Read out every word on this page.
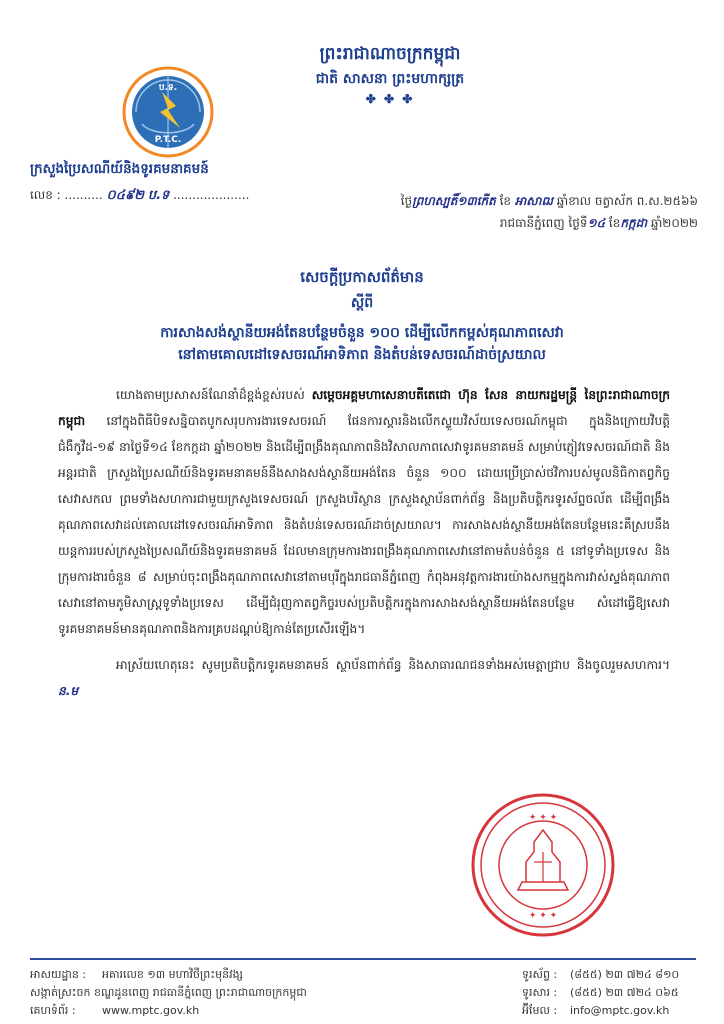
ប.ទ.
P.T.C.
ព្រះរាជាណាចក្រកម្ពុជា
ជាតិ សាសនា ព្រះមហាក្សត្រ
✤ ✤ ✤
ក្រសួងប្រៃសណីយ៍និងទូរគមនាគមន៍
លេខ : .......... ០៤៩២ ប.ទ ....................	ថ្ងៃព្រហស្បតិ៍១៣កើត ខែ អាសាឍ ឆ្នាំខាល ចត្វាស័ក ព.ស.២៥៦៦
រាជធានីភ្នំពេញ ថ្ងៃទី១៤ ខែកក្កដា ឆ្នាំ២០២២
សេចក្តីប្រកាសព័ត៌មាន
ស្តីពី
ការសាងសង់ស្ថានីយអង់តែនបន្ថែមចំនួន ១០០ ដើម្បីលើកកម្ពស់គុណភាពសេវា
នៅតាមគោលដៅទេសចរណ៍អាទិភាព និងតំបន់ទេសចរណ៍ដាច់ស្រយាល

យោងតាមប្រសាសន៍ណែនាំដ៏ខ្ពង់ខ្ពស់របស់ សម្តេចអគ្គមហាសេនាបតីតេជោ ហ៊ុន សែន នាយករដ្ឋមន្ត្រី នៃព្រះរាជាណាចក្រកម្ពុជា នៅក្នុងពិធីបិទសន្និបាតបូកសរុបការងារទេសចរណ៍ ផែនការស្តារនិងលើកស្ទួយវិស័យទេសចរណ៍កម្ពុជា ក្នុងនិងក្រោយវិបត្តិជំងឺកូវីដ-១៩ នាថ្ងៃទី១៤ ខែកក្កដា ឆ្នាំ២០២២ និងដើម្បីពង្រឹងគុណភាពនិងវិសាលភាពសេវាទូរគមនាគមន៍ សម្រាប់ភ្ញៀវទេសចរណ៍ជាតិ និងអន្តរជាតិ ក្រសួងប្រៃសណីយ៍និងទូរគមនាគមន៍នឹងសាងសង់ស្ថានីយអង់តែន ចំនួន ១០០ ដោយប្រើប្រាស់ថវិការបស់មូលនិធិកាតព្វកិច្ចសេវាសកល ព្រមទាំងសហការជាមួយក្រសួងទេសចរណ៍ ក្រសួងបរិស្ថាន ក្រសួងស្ថាប័នពាក់ព័ន្ធ និងប្រតិបត្តិករទូរស័ព្ទចល័ត ដើម្បីពង្រឹងគុណភាពសេវាដល់គោលដៅទេសចរណ៍អាទិភាព និងតំបន់ទេសចរណ៍ដាច់ស្រយាល។ ការសាងសង់ស្ថានីយអង់តែនបន្ថែមនេះគឺស្របនឹងយន្តការរបស់ក្រសួងប្រៃសណីយ៍និងទូរគមនាគមន៍ ដែលមានក្រុមការងារពង្រឹងគុណភាពសេវានៅតាមតំបន់ចំនួន ៥ នៅទូទាំងប្រទេស និងក្រុមការងារចំនួន ៨ សម្រាប់ចុះពង្រឹងគុណភាពសេវានៅតាមបុរីក្នុងរាជធានីភ្នំពេញ កំពុងអនុវត្តការងារយ៉ាងសកម្មក្នុងការវាស់ស្ទង់គុណភាពសេវានៅតាមភូមិសាស្ត្រទូទាំងប្រទេស ដើម្បីជំរុញកាតព្វកិច្ចរបស់ប្រតិបត្តិករក្នុងការសាងសង់ស្ថានីយអង់តែនបន្ថែម សំដៅធ្វើឱ្យសេវាទូរគមនាគមន៍មានគុណភាពនិងការគ្របដណ្តប់ឱ្យកាន់តែប្រសើរឡើង។

អាស្រ័យហេតុនេះ សូមប្រតិបត្តិករទូរគមនាគមន៍ ស្ថាប័នពាក់ព័ន្ធ និងសាធារណជនទាំងអស់មេត្តាជ្រាប និងចូលរួមសហការ។ ន.ម

✦ ✦ ✦
✦ ✦ ✦
អាសយដ្ឋាន :	អគារលេខ ១៣ មហាវិថីព្រះមុនីវង្ស
សង្កាត់ស្រះចក ខណ្ឌដូនពេញ រាជធានីភ្នំពេញ ព្រះរាជាណាចក្រកម្ពុជា
គេហទំព័រ :	www.mptc.gov.kh
ទូរស័ព្ទ :	(៨៥៥) ២៣ ៧២៤ ៨១០
ទូរសារ :	(៨៥៥) ២៣ ៧២៤ ០៦៥
អ៊ីមែល :	info@mptc.gov.kh
